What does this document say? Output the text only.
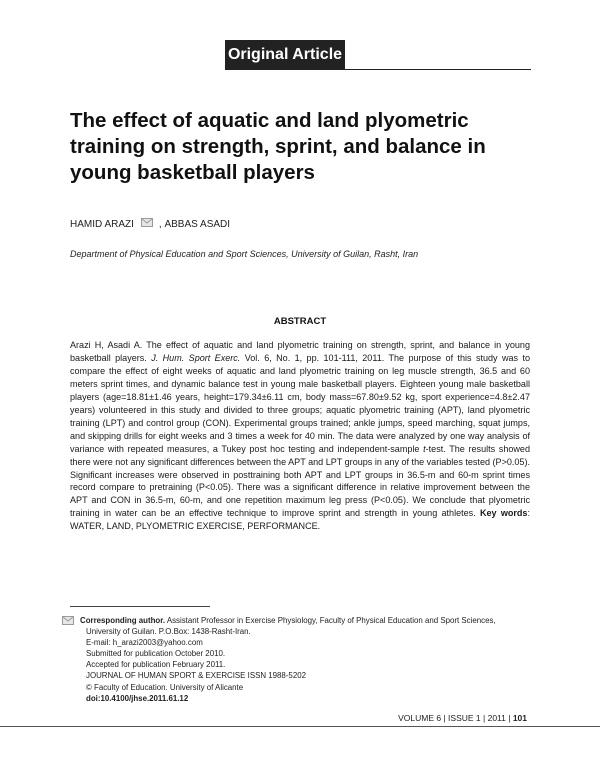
Original Article
The effect of aquatic and land plyometric training on strength, sprint, and balance in young basketball players
HAMID ARAZI	, ABBAS ASADI
Department of Physical Education and Sport Sciences, University of Guilan, Rasht, Iran
ABSTRACT
Arazi H, Asadi A. The effect of aquatic and land plyometric training on strength, sprint, and balance in young basketball players. J. Hum. Sport Exerc. Vol. 6, No. 1, pp. 101-111, 2011. The purpose of this study was to compare the effect of eight weeks of aquatic and land plyometric training on leg muscle strength, 36.5 and 60 meters sprint times, and dynamic balance test in young male basketball players. Eighteen young male basketball players (age=18.81±1.46 years, height=179.34±6.11 cm, body mass=67.80±9.52 kg, sport experience=4.8±2.47 years) volunteered in this study and divided to three groups; aquatic plyometric training (APT), land plyometric training (LPT) and control group (CON). Experimental groups trained; ankle jumps, speed marching, squat jumps, and skipping drills for eight weeks and 3 times a week for 40 min. The data were analyzed by one way analysis of variance with repeated measures, a Tukey post hoc testing and independent-sample t-test. The results showed there were not any significant differences between the APT and LPT groups in any of the variables tested (P>0.05). Significant increases were observed in posttraining both APT and LPT groups in 36.5-m and 60-m sprint times record compare to pretraining (P<0.05). There was a significant difference in relative improvement between the APT and CON in 36.5-m, 60-m, and one repetition maximum leg press (P<0.05). We conclude that plyometric training in water can be an effective technique to improve sprint and strength in young athletes. Key words: WATER, LAND, PLYOMETRIC EXERCISE, PERFORMANCE.
Corresponding author. Assistant Professor in Exercise Physiology, Faculty of Physical Education and Sport Sciences,
University of Guilan. P.O.Box: 1438-Rasht-Iran.
E-mail: h_arazi2003@yahoo.com
Submitted for publication October 2010.
Accepted for publication February 2011.
JOURNAL OF HUMAN SPORT & EXERCISE ISSN 1988-5202
© Faculty of Education. University of Alicante
doi:10.4100/jhse.2011.61.12
VOLUME 6 | ISSUE 1 | 2011 | 101
